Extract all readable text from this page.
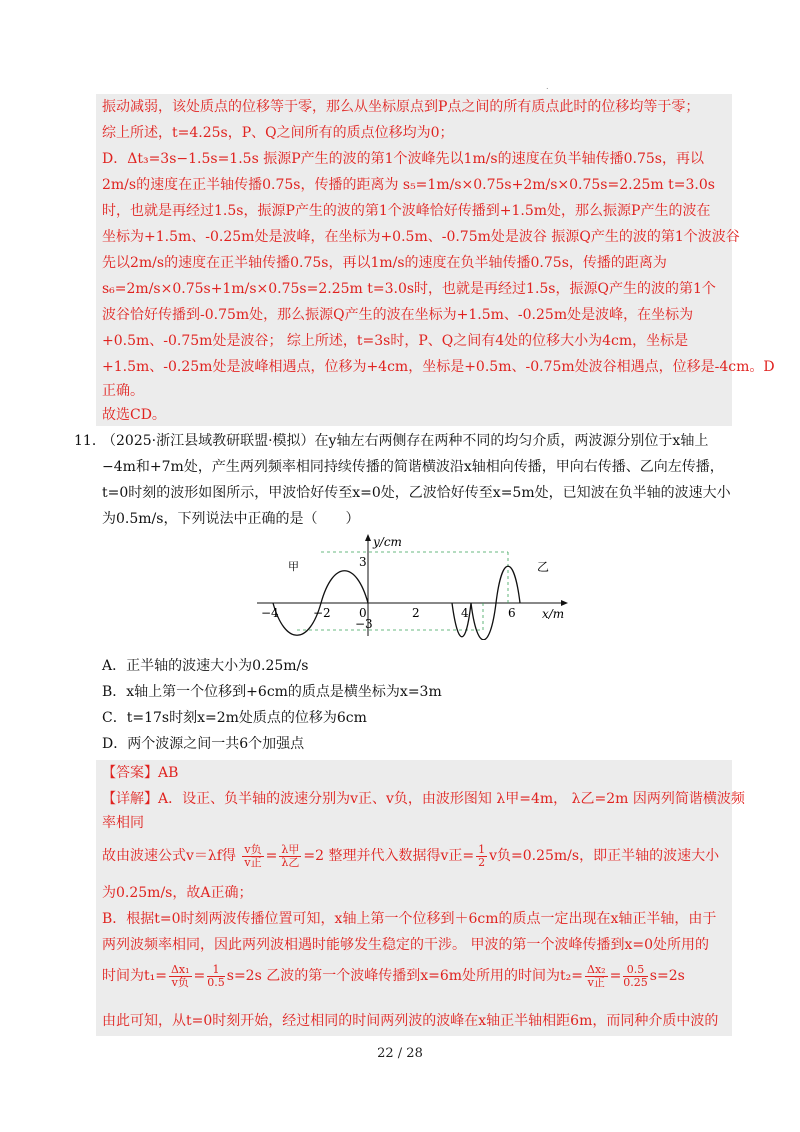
.
振动减弱，该处质点的位移等于零，那么从坐标原点到P点之间的所有质点此时的位移均等于零；
综上所述，t=4.25s，P、Q之间所有的质点位移均为0；
D．Δt₃=3s−1.5s=1.5s 振源P产生的波的第1个波峰先以1m/s的速度在负半轴传播0.75s，再以
2m/s的速度在正半轴传播0.75s，传播的距离为 s₅=1m/s×0.75s+2m/s×0.75s=2.25m t=3.0s
时，也就是再经过1.5s，振源P产生的波的第1个波峰恰好传播到+1.5m处，那么振源P产生的波在
坐标为+1.5m、-0.25m处是波峰，在坐标为+0.5m、-0.75m处是波谷 振源Q产生的波的第1个波波谷
先以2m/s的速度在正半轴传播0.75s，再以1m/s的速度在负半轴传播0.75s，传播的距离为
s₆=2m/s×0.75s+1m/s×0.75s=2.25m t=3.0s时，也就是再经过1.5s，振源Q产生的波的第1个
波谷恰好传播到-0.75m处，那么振源Q产生的波在坐标为+1.5m、-0.25m处是波峰，在坐标为
+0.5m、-0.75m处是波谷； 综上所述，t=3s时，P、Q之间有4处的位移大小为4cm，坐标是
+1.5m、-0.25m处是波峰相遇点，位移为+4cm，坐标是+0.5m、-0.75m处波谷相遇点，位移是-4cm。D
正确。
故选CD。
11．
（2025·浙江县域教研联盟·模拟）在y轴左右两侧存在两种不同的均匀介质，两波源分别位于x轴上
−4m和+7m处，产生两列频率相同持续传播的简谐横波沿x轴相向传播，甲向右传播、乙向左传播，
t=0时刻的波形如图所示，甲波恰好传至x=0处，乙波恰好传至x=5m处，已知波在负半轴的波速大小
为0.5m/s，下列说法中正确的是（　　）
−4	−2 0	2	4	6
3
−3
y/cm
x/m
甲	乙
A．正半轴的波速大小为0.25m/s
B．x轴上第一个位移到+6cm的质点是横坐标为x=3m
C．t=17s时刻x=2m处质点的位移为6cm
D．两个波源之间一共6个加强点
【答案】AB
【详解】A．设正、负半轴的波速分别为v正、v负，由波形图知 λ甲=4m， λ乙=2m 因两列简谐横波频
率相同
故由波速公式v＝λf得 $\frac{\text{v负}}{\text{v正}} = \frac{\text{λ甲}}{\text{λ乙}} =2$ 整理并代入数据得v正= $\frac{1}{2}$ v负=0.25m/s，即正半轴的波速大小
为0.25m/s，故A正确；
B．根据t=0时刻两波传播位置可知，x轴上第一个位移到＋6cm的质点一定出现在x轴正半轴，由于
两列波频率相同，因此两列波相遇时能够发生稳定的干涉。 甲波的第一个波峰传播到x=0处所用的
时间为$t_1= \frac{\text{Δx₁}}{\text{v负}} = \frac{1}{0.5} s=2s$ 乙波的第一个波峰传播到x=6m处所用的时间为$t_2= \frac{\text{Δx₂}}{\text{v正}} = \frac{0.5}{0.25} s=2s$
由此可知，从t=0时刻开始，经过相同的时间两列波的波峰在x轴正半轴相距6m，而同种介质中波的
22 / 28
